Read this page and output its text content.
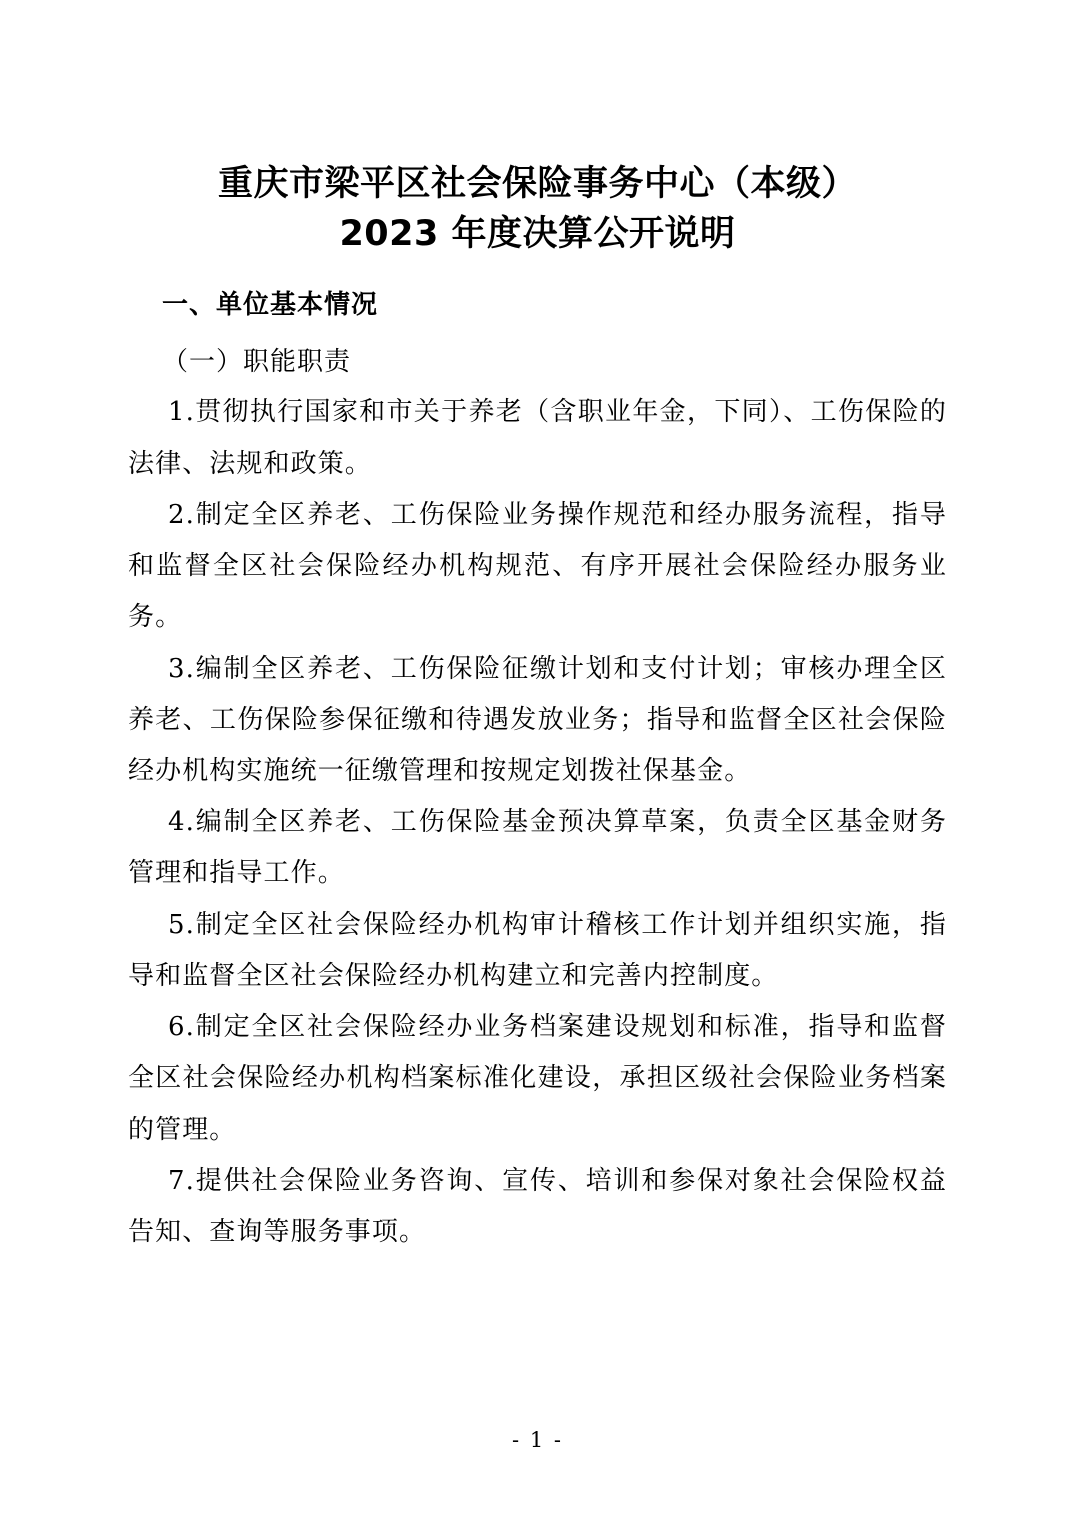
重庆市梁平区社会保险事务中心（本级）
2023 年度决算公开说明
一、单位基本情况
（一）职能职责

1.贯彻执行国家和市关于养老（含职业年金，下同）、工伤保险的法律、法规和政策。

2.制定全区养老、工伤保险业务操作规范和经办服务流程，指导和监督全区社会保险经办机构规范、有序开展社会保险经办服务业务。

3.编制全区养老、工伤保险征缴计划和支付计划；审核办理全区养老、工伤保险参保征缴和待遇发放业务；指导和监督全区社会保险经办机构实施统一征缴管理和按规定划拨社保基金。

4.编制全区养老、工伤保险基金预决算草案，负责全区基金财务管理和指导工作。

5.制定全区社会保险经办机构审计稽核工作计划并组织实施，指导和监督全区社会保险经办机构建立和完善内控制度。

6.制定全区社会保险经办业务档案建设规划和标准，指导和监督全区社会保险经办机构档案标准化建设，承担区级社会保险业务档案的管理。

7.提供社会保险业务咨询、宣传、培训和参保对象社会保险权益告知、查询等服务事项。

- 1 -
